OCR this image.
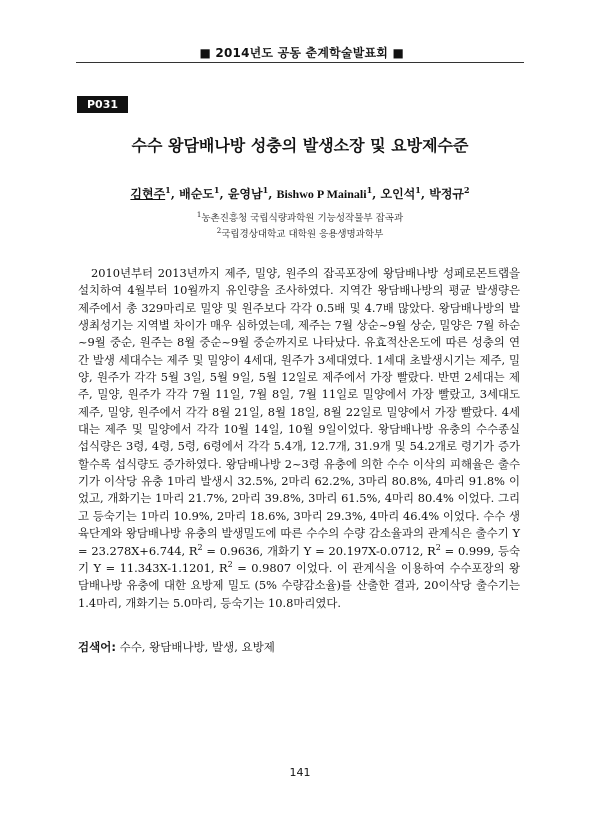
■ 2014년도 공동 춘계학술발표회 ■
P031
수수 왕담배나방 성충의 발생소장 및 요방제수준
김현주$^1$, 배순도$^1$, 윤영남$^1$, Bishwo P Mainali$^1$, 오인석$^1$, 박정규$^2$
$^1$농촌진흥청 국립식량과학원 기능성작물부 잡곡과
$^2$국립경상대학교 대학원 응용생명과학부

2010년부터 2013년까지 제주, 밀양, 원주의 잡곡포장에 왕담배나방 성페로몬트랩을 설치하여 4월부터 10월까지 유인량을 조사하였다. 지역간 왕담배나방의 평균 발생량은 제주에서 총 329마리로 밀양 및 원주보다 각각 0.5배 및 4.7배 많았다. 왕담배나방의 발생최성기는 지역별 차이가 매우 심하였는데, 제주는 7월 상순~9월 상순, 밀양은 7월 하순~9월 중순, 원주는 8월 중순~9월 중순까지로 나타났다. 유효적산온도에 따른 성충의 연간 발생 세대수는 제주 및 밀양이 4세대, 원주가 3세대였다. 1세대 초발생시기는 제주, 밀양, 원주가 각각 5월 3일, 5월 9일, 5월 12일로 제주에서 가장 빨랐다. 반면 2세대는 제주, 밀양, 원주가 각각 7월 11일, 7월 8일, 7월 11일로 밀양에서 가장 빨랐고, 3세대도 제주, 밀양, 원주에서 각각 8월 21일, 8월 18일, 8월 22일로 밀양에서 가장 빨랐다. 4세대는 제주 및 밀양에서 각각 10월 14일, 10월 9일이었다. 왕담배나방 유충의 수수종실 섭식량은 3령, 4령, 5령, 6령에서 각각 5.4개, 12.7개, 31.9개 및 54.2개로 령기가 증가할수록 섭식량도 증가하였다. 왕담배나방 2~3령 유충에 의한 수수 이삭의 피해율은 출수기가 이삭당 유충 1마리 발생시 32.5%, 2마리 62.2%, 3마리 80.8%, 4마리 91.8% 이었고, 개화기는 1마리 21.7%, 2마리 39.8%, 3마리 61.5%, 4마리 80.4% 이었다. 그리고 등숙기는 1마리 10.9%, 2마리 18.6%, 3마리 29.3%, 4마리 46.4% 이었다. 수수 생육단계와 왕담배나방 유충의 발생밀도에 따른 수수의 수량 감소율과의 관계식은 출수기 Y = 23.278X+6.744, $R^2 = 0.9636$, 개화기 Y = 20.197X-0.0712, $R^2 = 0.999$, 등숙기 Y = 11.343X-1.1201, $R^2 = 0.9807$ 이었다. 이 관계식을 이용하여 수수포장의 왕담배나방 유충에 대한 요방제 밀도 (5% 수량감소율)를 산출한 결과, 20이삭당 출수기는 1.4마리, 개화기는 5.0마리, 등숙기는 10.8마리였다.

검색어: 수수, 왕담배나방, 발생, 요방제
141
